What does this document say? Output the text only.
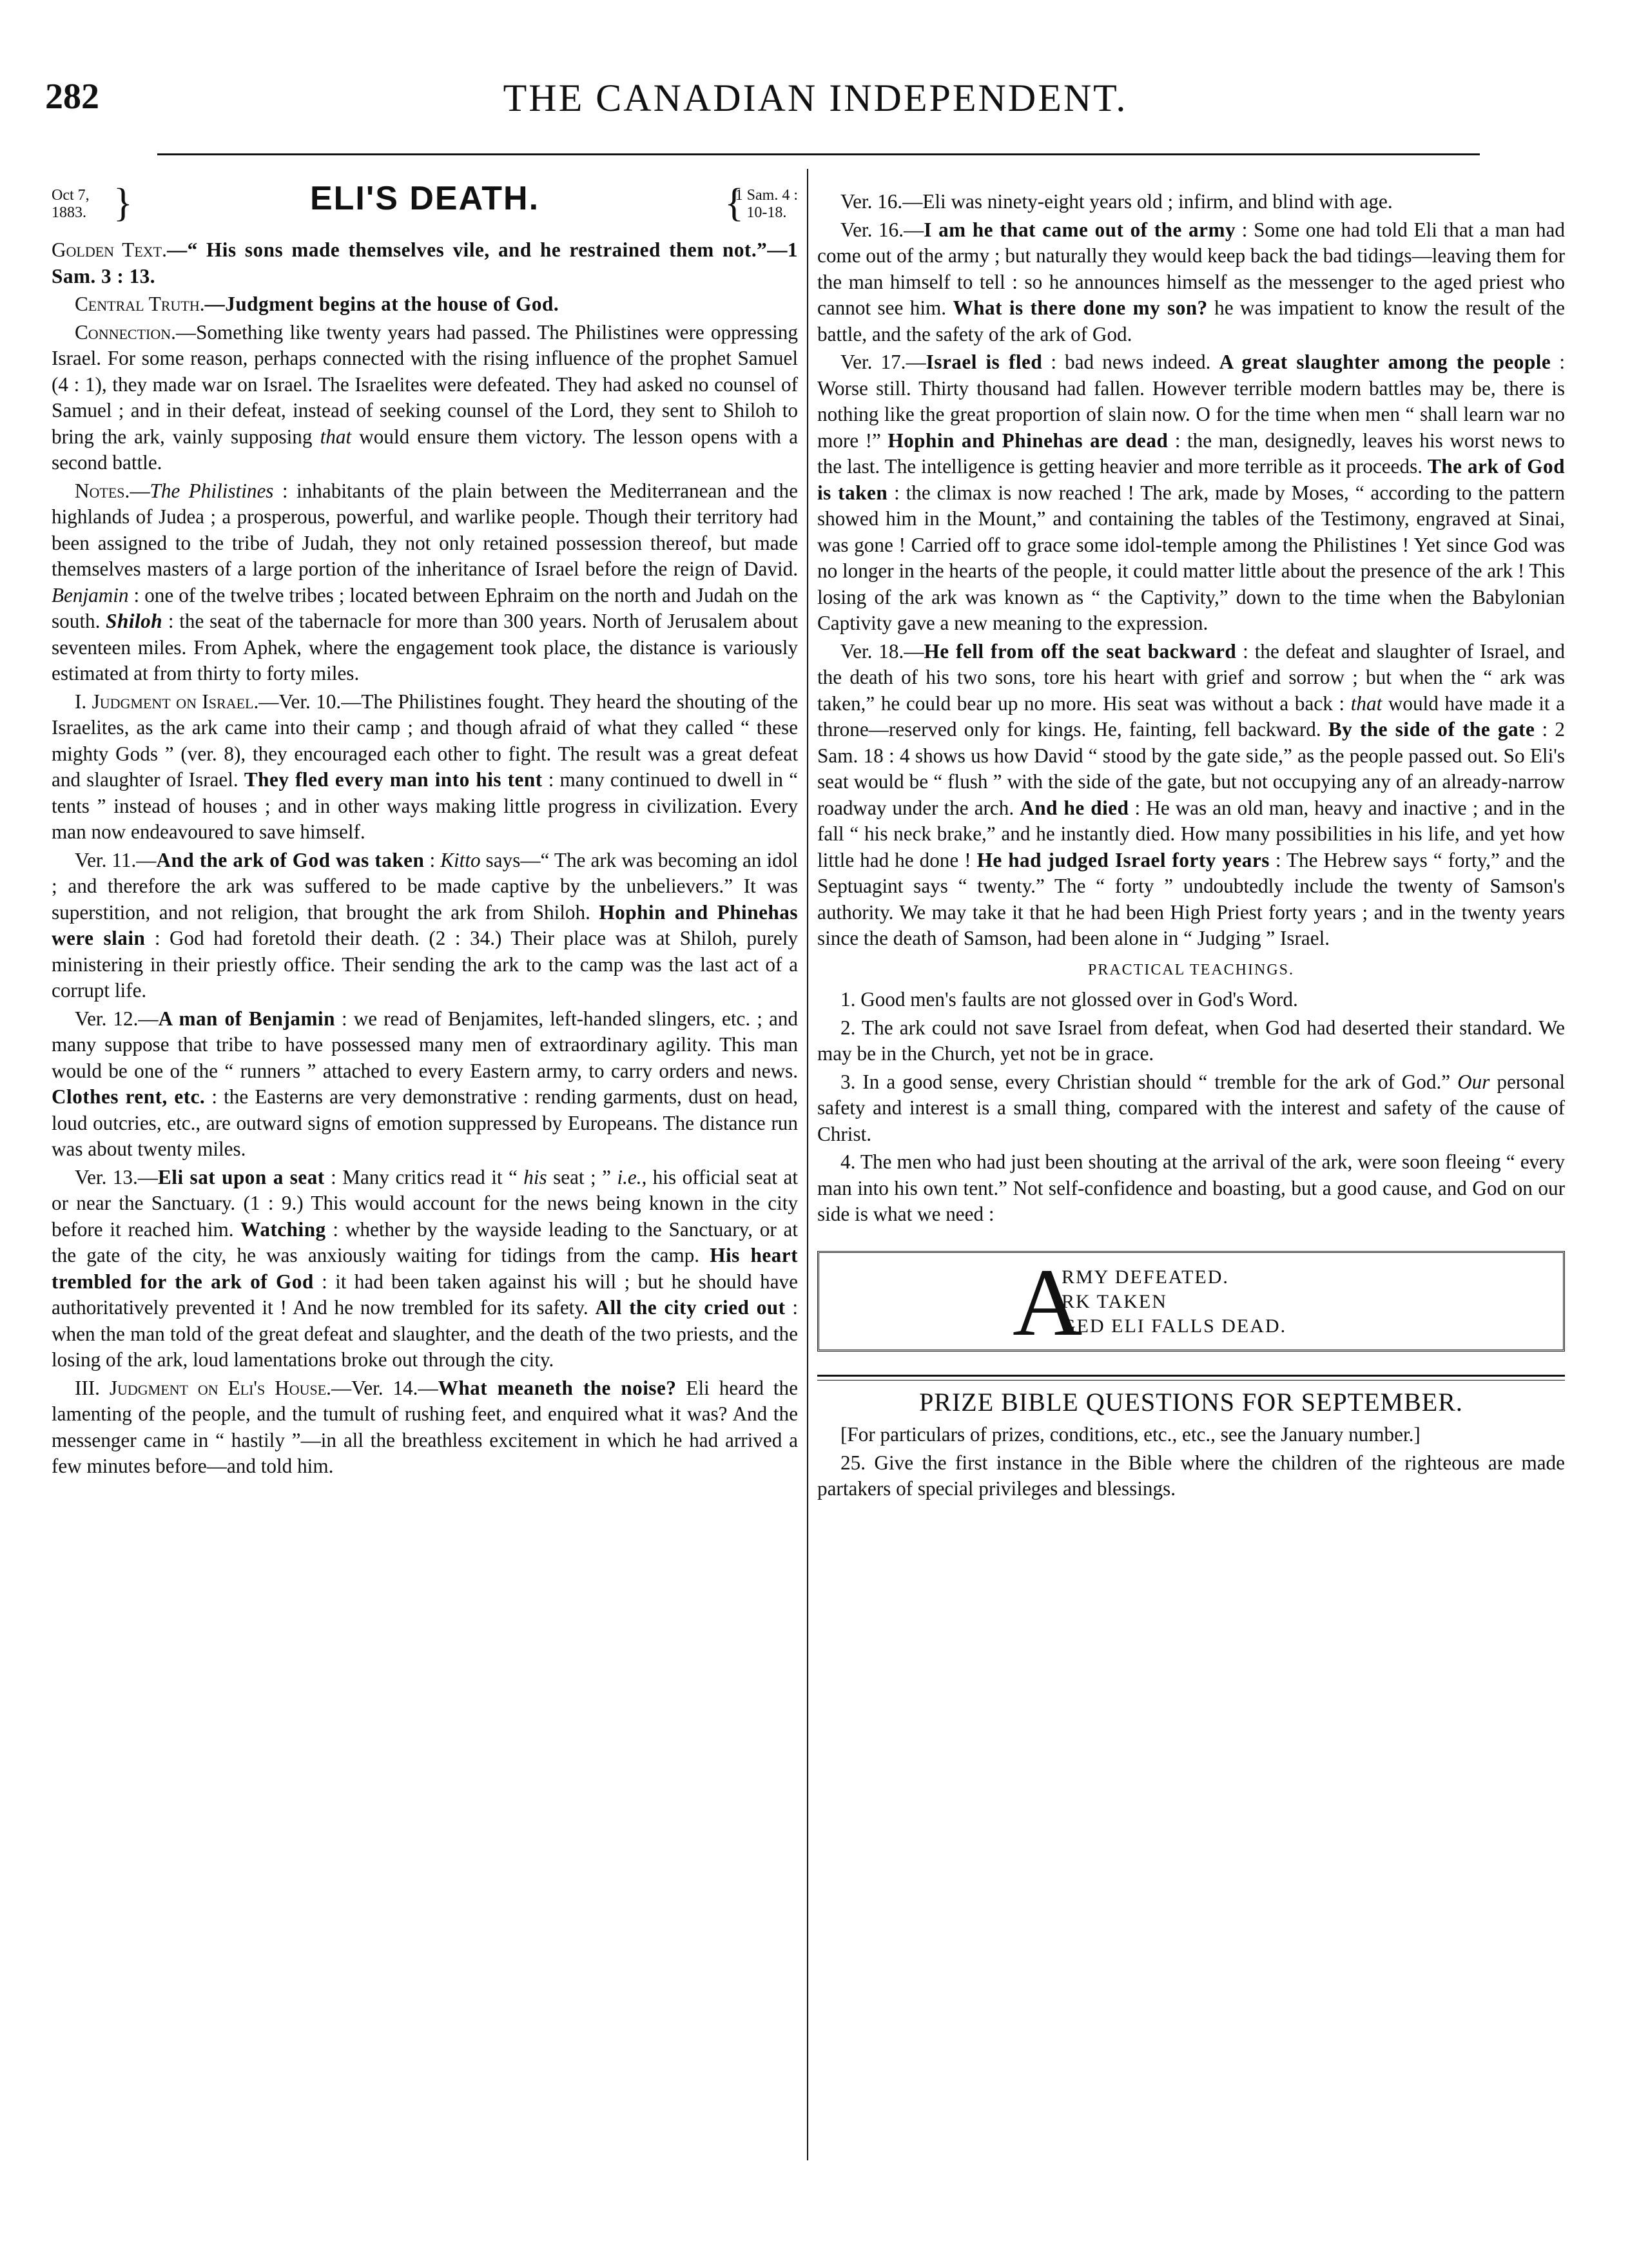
282	THE CANADIAN INDEPENDENT.
Oct 7,
1883. }	ELI'S DEATH.	{
1 Sam. 4 :
10-18.

Golden Text.—“ His sons made themselves vile, and he restrained them not.”—1 Sam. 3 : 13.

Central Truth.—Judgment begins at the house of God.

Connection.—Something like twenty years had passed. The Philistines were oppressing Israel. For some reason, perhaps connected with the rising influence of the prophet Samuel (4 : 1), they made war on Israel. The Israelites were defeated. They had asked no counsel of Samuel ; and in their defeat, instead of seeking counsel of the Lord, they sent to Shiloh to bring the ark, vainly supposing that would ensure them victory. The lesson opens with a second battle.

Notes.—The Philistines : inhabitants of the plain between the Mediterranean and the highlands of Judea ; a prosperous, powerful, and warlike people. Though their territory had been assigned to the tribe of Judah, they not only retained possession thereof, but made themselves masters of a large portion of the inheritance of Israel before the reign of David. Benjamin : one of the twelve tribes ; located between Ephraim on the north and Judah on the south. Shiloh : the seat of the tabernacle for more than 300 years. North of Jerusalem about seventeen miles. From Aphek, where the engagement took place, the distance is variously estimated at from thirty to forty miles.

I. Judgment on Israel.—Ver. 10.—The Philistines fought. They heard the shouting of the Israelites, as the ark came into their camp ; and though afraid of what they called “ these mighty Gods ” (ver. 8), they encouraged each other to fight. The result was a great defeat and slaughter of Israel. They fled every man into his tent : many continued to dwell in “ tents ” instead of houses ; and in other ways making little progress in civilization. Every man now endeavoured to save himself.

Ver. 11.—And the ark of God was taken : Kitto says—“ The ark was becoming an idol ; and therefore the ark was suffered to be made captive by the unbelievers.” It was superstition, and not religion, that brought the ark from Shiloh. Hophin and Phinehas were slain : God had foretold their death. (2 : 34.) Their place was at Shiloh, purely ministering in their priestly office. Their sending the ark to the camp was the last act of a corrupt life.

Ver. 12.—A man of Benjamin : we read of Benjamites, left-handed slingers, etc. ; and many suppose that tribe to have possessed many men of extraordinary agility. This man would be one of the “ runners ” attached to every Eastern army, to carry orders and news. Clothes rent, etc. : the Easterns are very demonstrative : rending garments, dust on head, loud outcries, etc., are outward signs of emotion suppressed by Europeans. The distance run was about twenty miles.

Ver. 13.—Eli sat upon a seat : Many critics read it “ his seat ; ” i.e., his official seat at or near the Sanctuary. (1 : 9.) This would account for the news being known in the city before it reached him. Watching : whether by the wayside leading to the Sanctuary, or at the gate of the city, he was anxiously waiting for tidings from the camp. His heart trembled for the ark of God : it had been taken against his will ; but he should have authoritatively prevented it ! And he now trembled for its safety. All the city cried out : when the man told of the great defeat and slaughter, and the death of the two priests, and the losing of the ark, loud lamentations broke out through the city.

III. Judgment on Eli's House.—Ver. 14.—What meaneth the noise? Eli heard the lamenting of the people, and the tumult of rushing feet, and enquired what it was? And the messenger came in “ hastily ”—in all the breathless excitement in which he had arrived a few minutes before—and told him.

Ver. 16.—Eli was ninety-eight years old ; infirm, and blind with age.

Ver. 16.—I am he that came out of the army : Some one had told Eli that a man had come out of the army ; but naturally they would keep back the bad tidings—leaving them for the man himself to tell : so he announces himself as the messenger to the aged priest who cannot see him. What is there done my son? he was impatient to know the result of the battle, and the safety of the ark of God.

Ver. 17.—Israel is fled : bad news indeed. A great slaughter among the people : Worse still. Thirty thousand had fallen. However terrible modern battles may be, there is nothing like the great proportion of slain now. O for the time when men “ shall learn war no more !” Hophin and Phinehas are dead : the man, designedly, leaves his worst news to the last. The intelligence is getting heavier and more terrible as it proceeds. The ark of God is taken : the climax is now reached ! The ark, made by Moses, “ according to the pattern showed him in the Mount,” and containing the tables of the Testimony, engraved at Sinai, was gone ! Carried off to grace some idol-temple among the Philistines ! Yet since God was no longer in the hearts of the people, it could matter little about the presence of the ark ! This losing of the ark was known as “ the Captivity,” down to the time when the Babylonian Captivity gave a new meaning to the expression.

Ver. 18.—He fell from off the seat backward : the defeat and slaughter of Israel, and the death of his two sons, tore his heart with grief and sorrow ; but when the “ ark was taken,” he could bear up no more. His seat was without a back : that would have made it a throne—reserved only for kings. He, fainting, fell backward. By the side of the gate : 2 Sam. 18 : 4 shows us how David “ stood by the gate side,” as the people passed out. So Eli's seat would be “ flush ” with the side of the gate, but not occupying any of an already-narrow roadway under the arch. And he died : He was an old man, heavy and inactive ; and in the fall “ his neck brake,” and he instantly died. How many possibilities in his life, and yet how little had he done ! He had judged Israel forty years : The Hebrew says “ forty,” and the Septuagint says “ twenty.” The “ forty ” undoubtedly include the twenty of Samson's authority. We may take it that he had been High Priest forty years ; and in the twenty years since the death of Samson, had been alone in “ Judging ” Israel.

PRACTICAL TEACHINGS.

1. Good men's faults are not glossed over in God's Word.

2. The ark could not save Israel from defeat, when God had deserted their standard. We may be in the Church, yet not be in grace.

3. In a good sense, every Christian should “ tremble for the ark of God.” Our personal safety and interest is a small thing, compared with the interest and safety of the cause of Christ.

4. The men who had just been shouting at the arrival of the ark, were soon fleeing “ every man into his own tent.” Not self-confidence and boasting, but a good cause, and God on our side is what we need :

A
RMY DEFEATED.
RK TAKEN
GED ELI FALLS DEAD.
PRIZE BIBLE QUESTIONS FOR SEPTEMBER.

[For particulars of prizes, conditions, etc., etc., see the January number.]

25. Give the first instance in the Bible where the children of the righteous are made partakers of special privileges and blessings.
